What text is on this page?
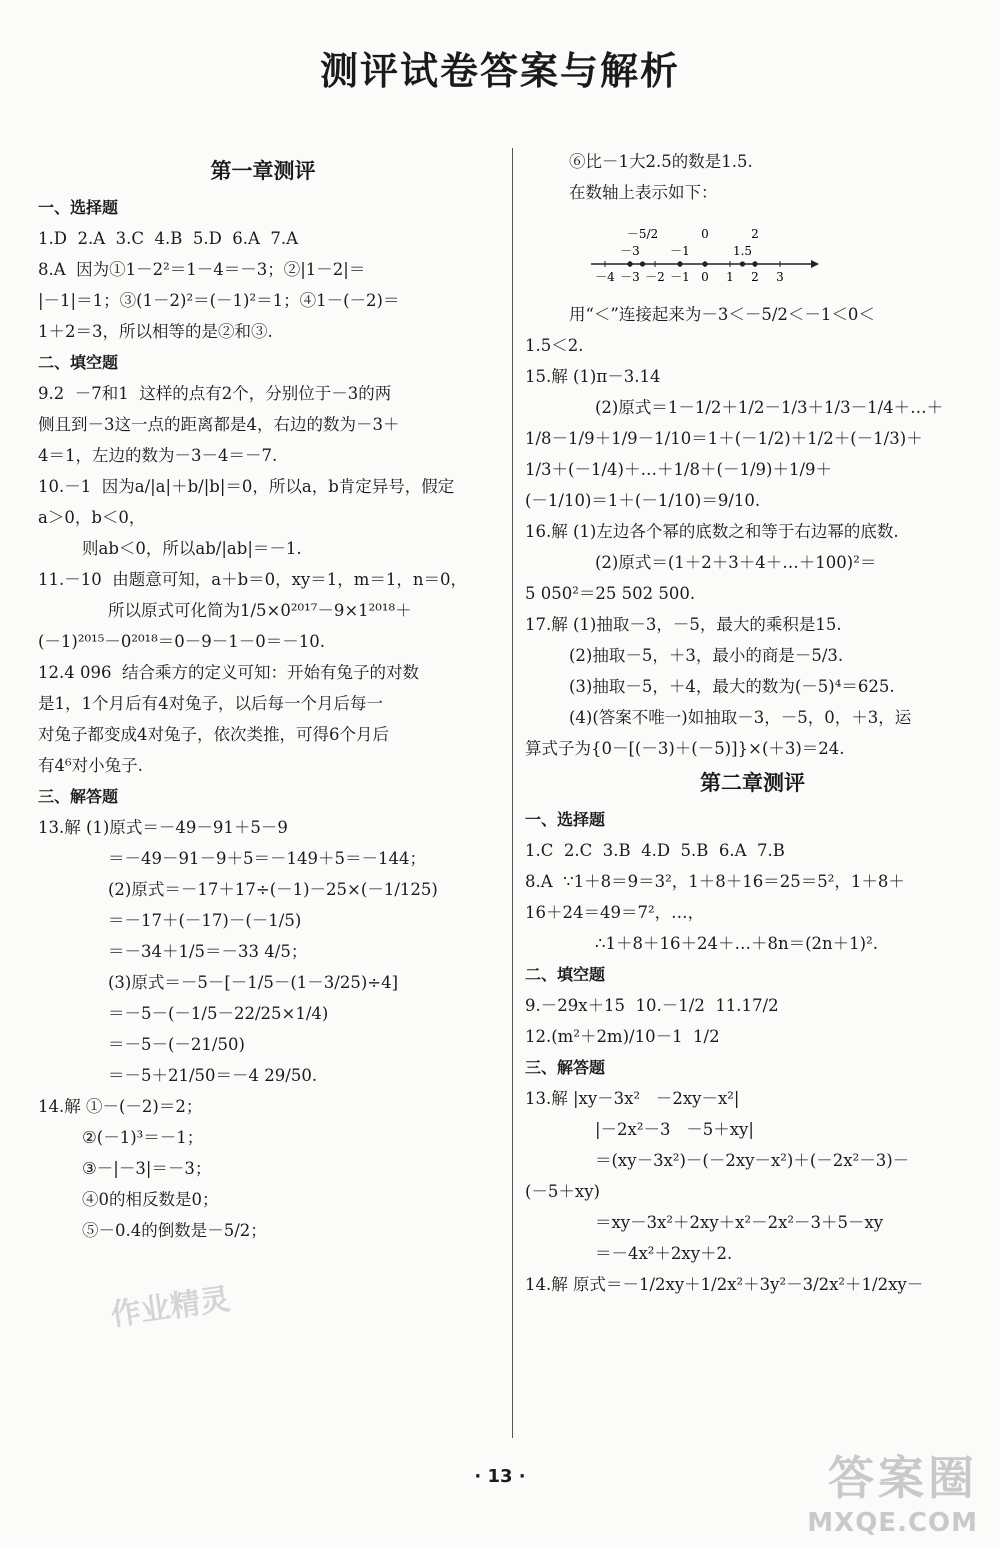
测评试卷答案与解析
第一章测评
一、选择题
1.D  2.A  3.C  4.B  5.D  6.A  7.A
8.A  因为①1－2²＝1－4＝－3；②|1－2|＝
|－1|＝1；③(1－2)²＝(－1)²＝1；④1－(－2)＝
1＋2＝3，所以相等的是②和③.
二、填空题
9.2  －7和1  这样的点有2个，分别位于－3的两
侧且到－3这一点的距离都是4，右边的数为－3＋
4＝1，左边的数为－3－4＝－7.
10.－1  因为a/|a|＋b/|b|＝0，所以a，b肯定异号，假定
a＞0，b＜0，
则ab＜0，所以ab/|ab|＝－1.
11.－10  由题意可知，a＋b＝0，xy＝1，m＝1，n＝0，
所以原式可化简为1/5×0²⁰¹⁷－9×1²⁰¹⁸＋
(－1)²⁰¹⁵－0²⁰¹⁸＝0－9－1－0＝－10.
12.4 096  结合乘方的定义可知：开始有兔子的对数
是1，1个月后有4对兔子，以后每一个月后每一
对兔子都变成4对兔子，依次类推，可得6个月后
有4⁶对小兔子.
三、解答题
13.解 (1)原式＝－49－91＋5－9
＝－49－91－9＋5＝－149＋5＝－144；
(2)原式＝－17＋17÷(－1)－25×(－1/125)
＝－17＋(－17)－(－1/5)
＝－34＋1/5＝－33 4/5；
(3)原式＝－5－[－1/5－(1－3/25)÷4]
＝－5－(－1/5－22/25×1/4)
＝－5－(－21/50)
＝－5＋21/50＝－4 29/50.
14.解 ①－(－2)＝2；
②(－1)³＝－1；
③－|－3|＝－3；
④0的相反数是0；
⑤－0.4的倒数是－5/2；
⑥比－1大2.5的数是1.5.
在数轴上表示如下：
－4 －3 －2 －1 0 1 2 3
－3
－5/2
－1
0
1.5
2
用“＜”连接起来为－3＜－5/2＜－1＜0＜
1.5＜2.
15.解 (1)π－3.14
(2)原式＝1－1/2＋1/2－1/3＋1/3－1/4＋…＋
1/8－1/9＋1/9－1/10＝1＋(－1/2)＋1/2＋(－1/3)＋
1/3＋(－1/4)＋…＋1/8＋(－1/9)＋1/9＋
(－1/10)＝1＋(－1/10)＝9/10.
16.解 (1)左边各个幂的底数之和等于右边幂的底数.
(2)原式＝(1＋2＋3＋4＋…＋100)²＝
5 050²＝25 502 500.
17.解 (1)抽取－3，－5，最大的乘积是15.
(2)抽取－5，＋3，最小的商是－5/3.
(3)抽取－5，＋4，最大的数为(－5)⁴＝625.
(4)(答案不唯一)如抽取－3，－5，0，＋3，运
算式子为{0－[(－3)＋(－5)]}×(＋3)＝24.
第二章测评
一、选择题
1.C  2.C  3.B  4.D  5.B  6.A  7.B
8.A  ∵1＋8＝9＝3²，1＋8＋16＝25＝5²，1＋8＋
16＋24＝49＝7²，…，
∴1＋8＋16＋24＋…＋8n＝(2n＋1)².
二、填空题
9.－29x＋15  10.－1/2  11.17/2
12.(m²＋2m)/10－1  1/2
三、解答题
13.解 |xy－3x²   －2xy－x²|
|－2x²－3   －5＋xy|
＝(xy－3x²)－(－2xy－x²)＋(－2x²－3)－
(－5＋xy)
＝xy－3x²＋2xy＋x²－2x²－3＋5－xy
＝－4x²＋2xy＋2.
14.解 原式＝－1/2xy＋1/2x²＋3y²－3/2x²＋1/2xy－
· 13 ·
作业精灵
答案圈
MXQE.COM
